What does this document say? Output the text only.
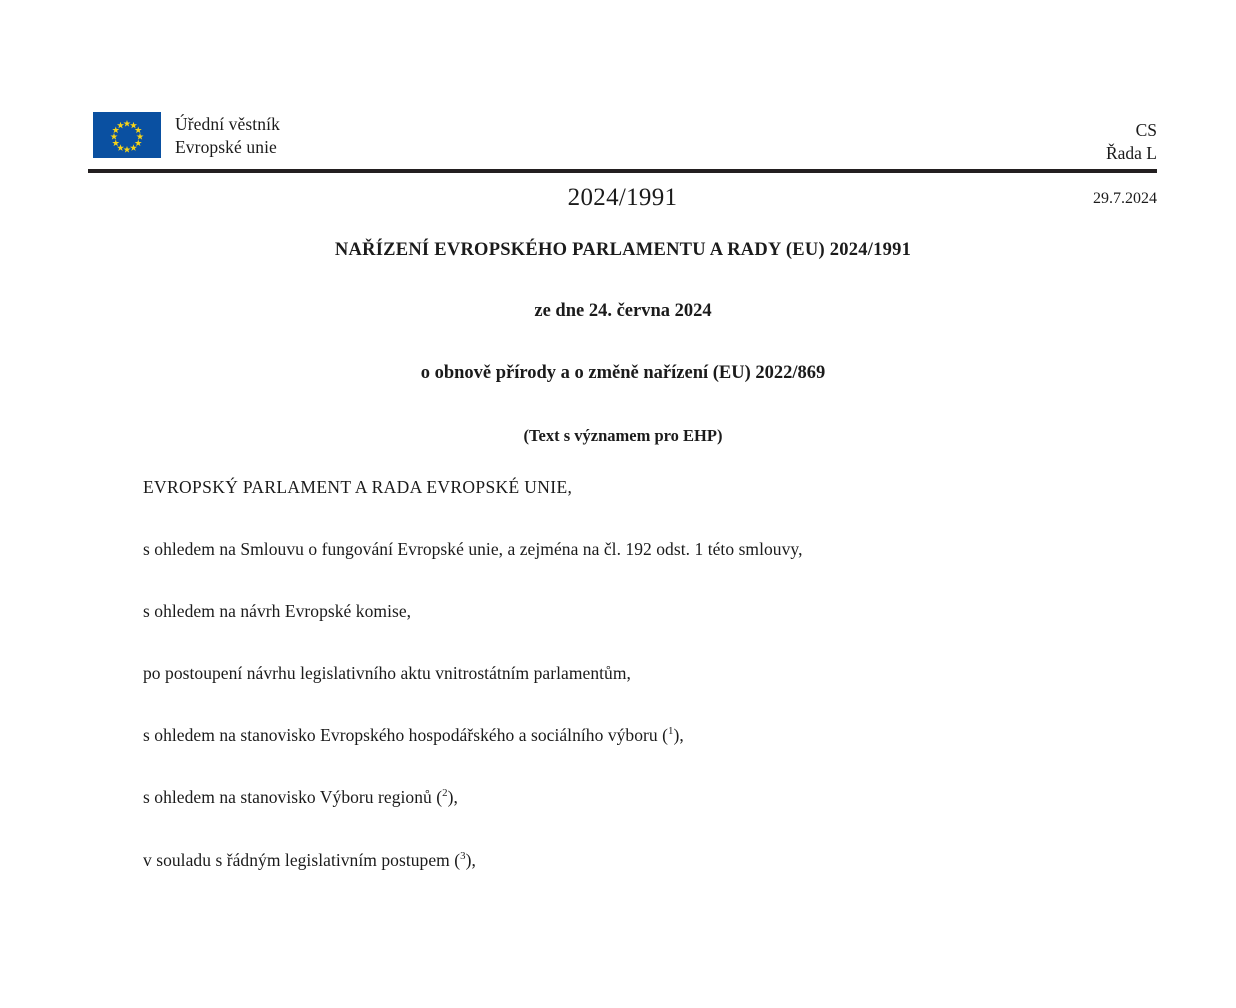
Úřední věstník
Evropské unie
CS
Řada L
2024/1991	29.7.2024
NAŘÍZENÍ EVROPSKÉHO PARLAMENTU A RADY (EU) 2024/1991

ze dne 24. června 2024

o obnově přírody a o změně nařízení (EU) 2022/869

(Text s významem pro EHP)

EVROPSKÝ PARLAMENT A RADA EVROPSKÉ UNIE,

s ohledem na Smlouvu o fungování Evropské unie, a zejména na čl. 192 odst. 1 této smlouvy,

s ohledem na návrh Evropské komise,

po postoupení návrhu legislativního aktu vnitrostátním parlamentům,

s ohledem na stanovisko Evropského hospodářského a sociálního výboru ($^1$),

s ohledem na stanovisko Výboru regionů ($^2$),

v souladu s řádným legislativním postupem ($^3$),
